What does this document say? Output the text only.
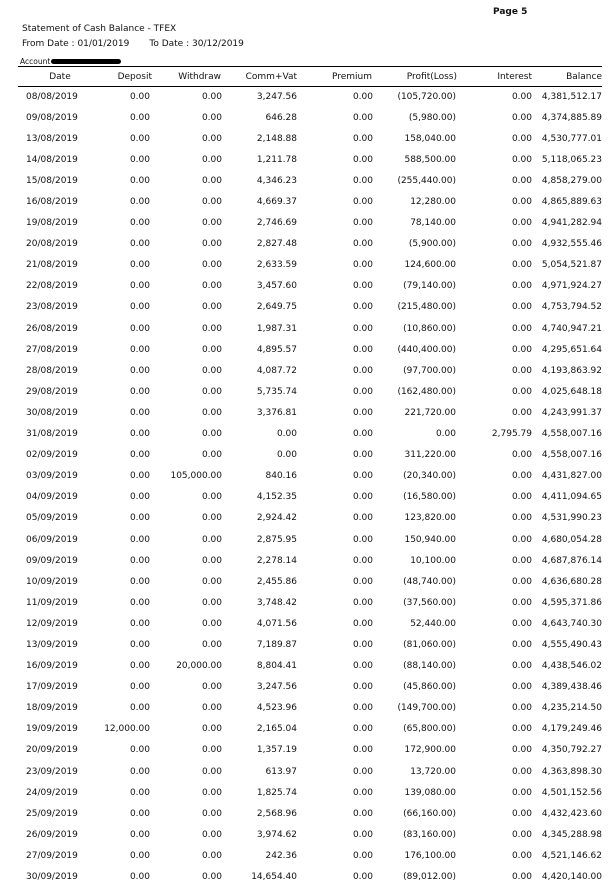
Page 5
Statement of Cash Balance - TFEX
From Date : 01/01/2019 To Date : 30/12/2019
Account
Date	Deposit	Withdraw	Comm+Vat	Premium	Profit(Loss)	Interest	Balance
08/08/2019	0.00	0.00	3,247.56	0.00	(105,720.00)	0.00	4,381,512.17
09/08/2019	0.00	0.00	646.28	0.00	(5,980.00)	0.00	4,374,885.89
13/08/2019	0.00	0.00	2,148.88	0.00	158,040.00	0.00	4,530,777.01
14/08/2019	0.00	0.00	1,211.78	0.00	588,500.00	0.00	5,118,065.23
15/08/2019	0.00	0.00	4,346.23	0.00	(255,440.00)	0.00	4,858,279.00
16/08/2019	0.00	0.00	4,669.37	0.00	12,280.00	0.00	4,865,889.63
19/08/2019	0.00	0.00	2,746.69	0.00	78,140.00	0.00	4,941,282.94
20/08/2019	0.00	0.00	2,827.48	0.00	(5,900.00)	0.00	4,932,555.46
21/08/2019	0.00	0.00	2,633.59	0.00	124,600.00	0.00	5,054,521.87
22/08/2019	0.00	0.00	3,457.60	0.00	(79,140.00)	0.00	4,971,924.27
23/08/2019	0.00	0.00	2,649.75	0.00	(215,480.00)	0.00	4,753,794.52
26/08/2019	0.00	0.00	1,987.31	0.00	(10,860.00)	0.00	4,740,947.21
27/08/2019	0.00	0.00	4,895.57	0.00	(440,400.00)	0.00	4,295,651.64
28/08/2019	0.00	0.00	4,087.72	0.00	(97,700.00)	0.00	4,193,863.92
29/08/2019	0.00	0.00	5,735.74	0.00	(162,480.00)	0.00	4,025,648.18
30/08/2019	0.00	0.00	3,376.81	0.00	221,720.00	0.00	4,243,991.37
31/08/2019	0.00	0.00	0.00	0.00	0.00	2,795.79	4,558,007.16
02/09/2019	0.00	0.00	0.00	0.00	311,220.00	0.00	4,558,007.16
03/09/2019	0.00	105,000.00	840.16	0.00	(20,340.00)	0.00	4,431,827.00
04/09/2019	0.00	0.00	4,152.35	0.00	(16,580.00)	0.00	4,411,094.65
05/09/2019	0.00	0.00	2,924.42	0.00	123,820.00	0.00	4,531,990.23
06/09/2019	0.00	0.00	2,875.95	0.00	150,940.00	0.00	4,680,054.28
09/09/2019	0.00	0.00	2,278.14	0.00	10,100.00	0.00	4,687,876.14
10/09/2019	0.00	0.00	2,455.86	0.00	(48,740.00)	0.00	4,636,680.28
11/09/2019	0.00	0.00	3,748.42	0.00	(37,560.00)	0.00	4,595,371.86
12/09/2019	0.00	0.00	4,071.56	0.00	52,440.00	0.00	4,643,740.30
13/09/2019	0.00	0.00	7,189.87	0.00	(81,060.00)	0.00	4,555,490.43
16/09/2019	0.00	20,000.00	8,804.41	0.00	(88,140.00)	0.00	4,438,546.02
17/09/2019	0.00	0.00	3,247.56	0.00	(45,860.00)	0.00	4,389,438.46
18/09/2019	0.00	0.00	4,523.96	0.00	(149,700.00)	0.00	4,235,214.50
19/09/2019	12,000.00	0.00	2,165.04	0.00	(65,800.00)	0.00	4,179,249.46
20/09/2019	0.00	0.00	1,357.19	0.00	172,900.00	0.00	4,350,792.27
23/09/2019	0.00	0.00	613.97	0.00	13,720.00	0.00	4,363,898.30
24/09/2019	0.00	0.00	1,825.74	0.00	139,080.00	0.00	4,501,152.56
25/09/2019	0.00	0.00	2,568.96	0.00	(66,160.00)	0.00	4,432,423.60
26/09/2019	0.00	0.00	3,974.62	0.00	(83,160.00)	0.00	4,345,288.98
27/09/2019	0.00	0.00	242.36	0.00	176,100.00	0.00	4,521,146.62
30/09/2019	0.00	0.00	14,654.40	0.00	(89,012.00)	0.00	4,420,140.00
